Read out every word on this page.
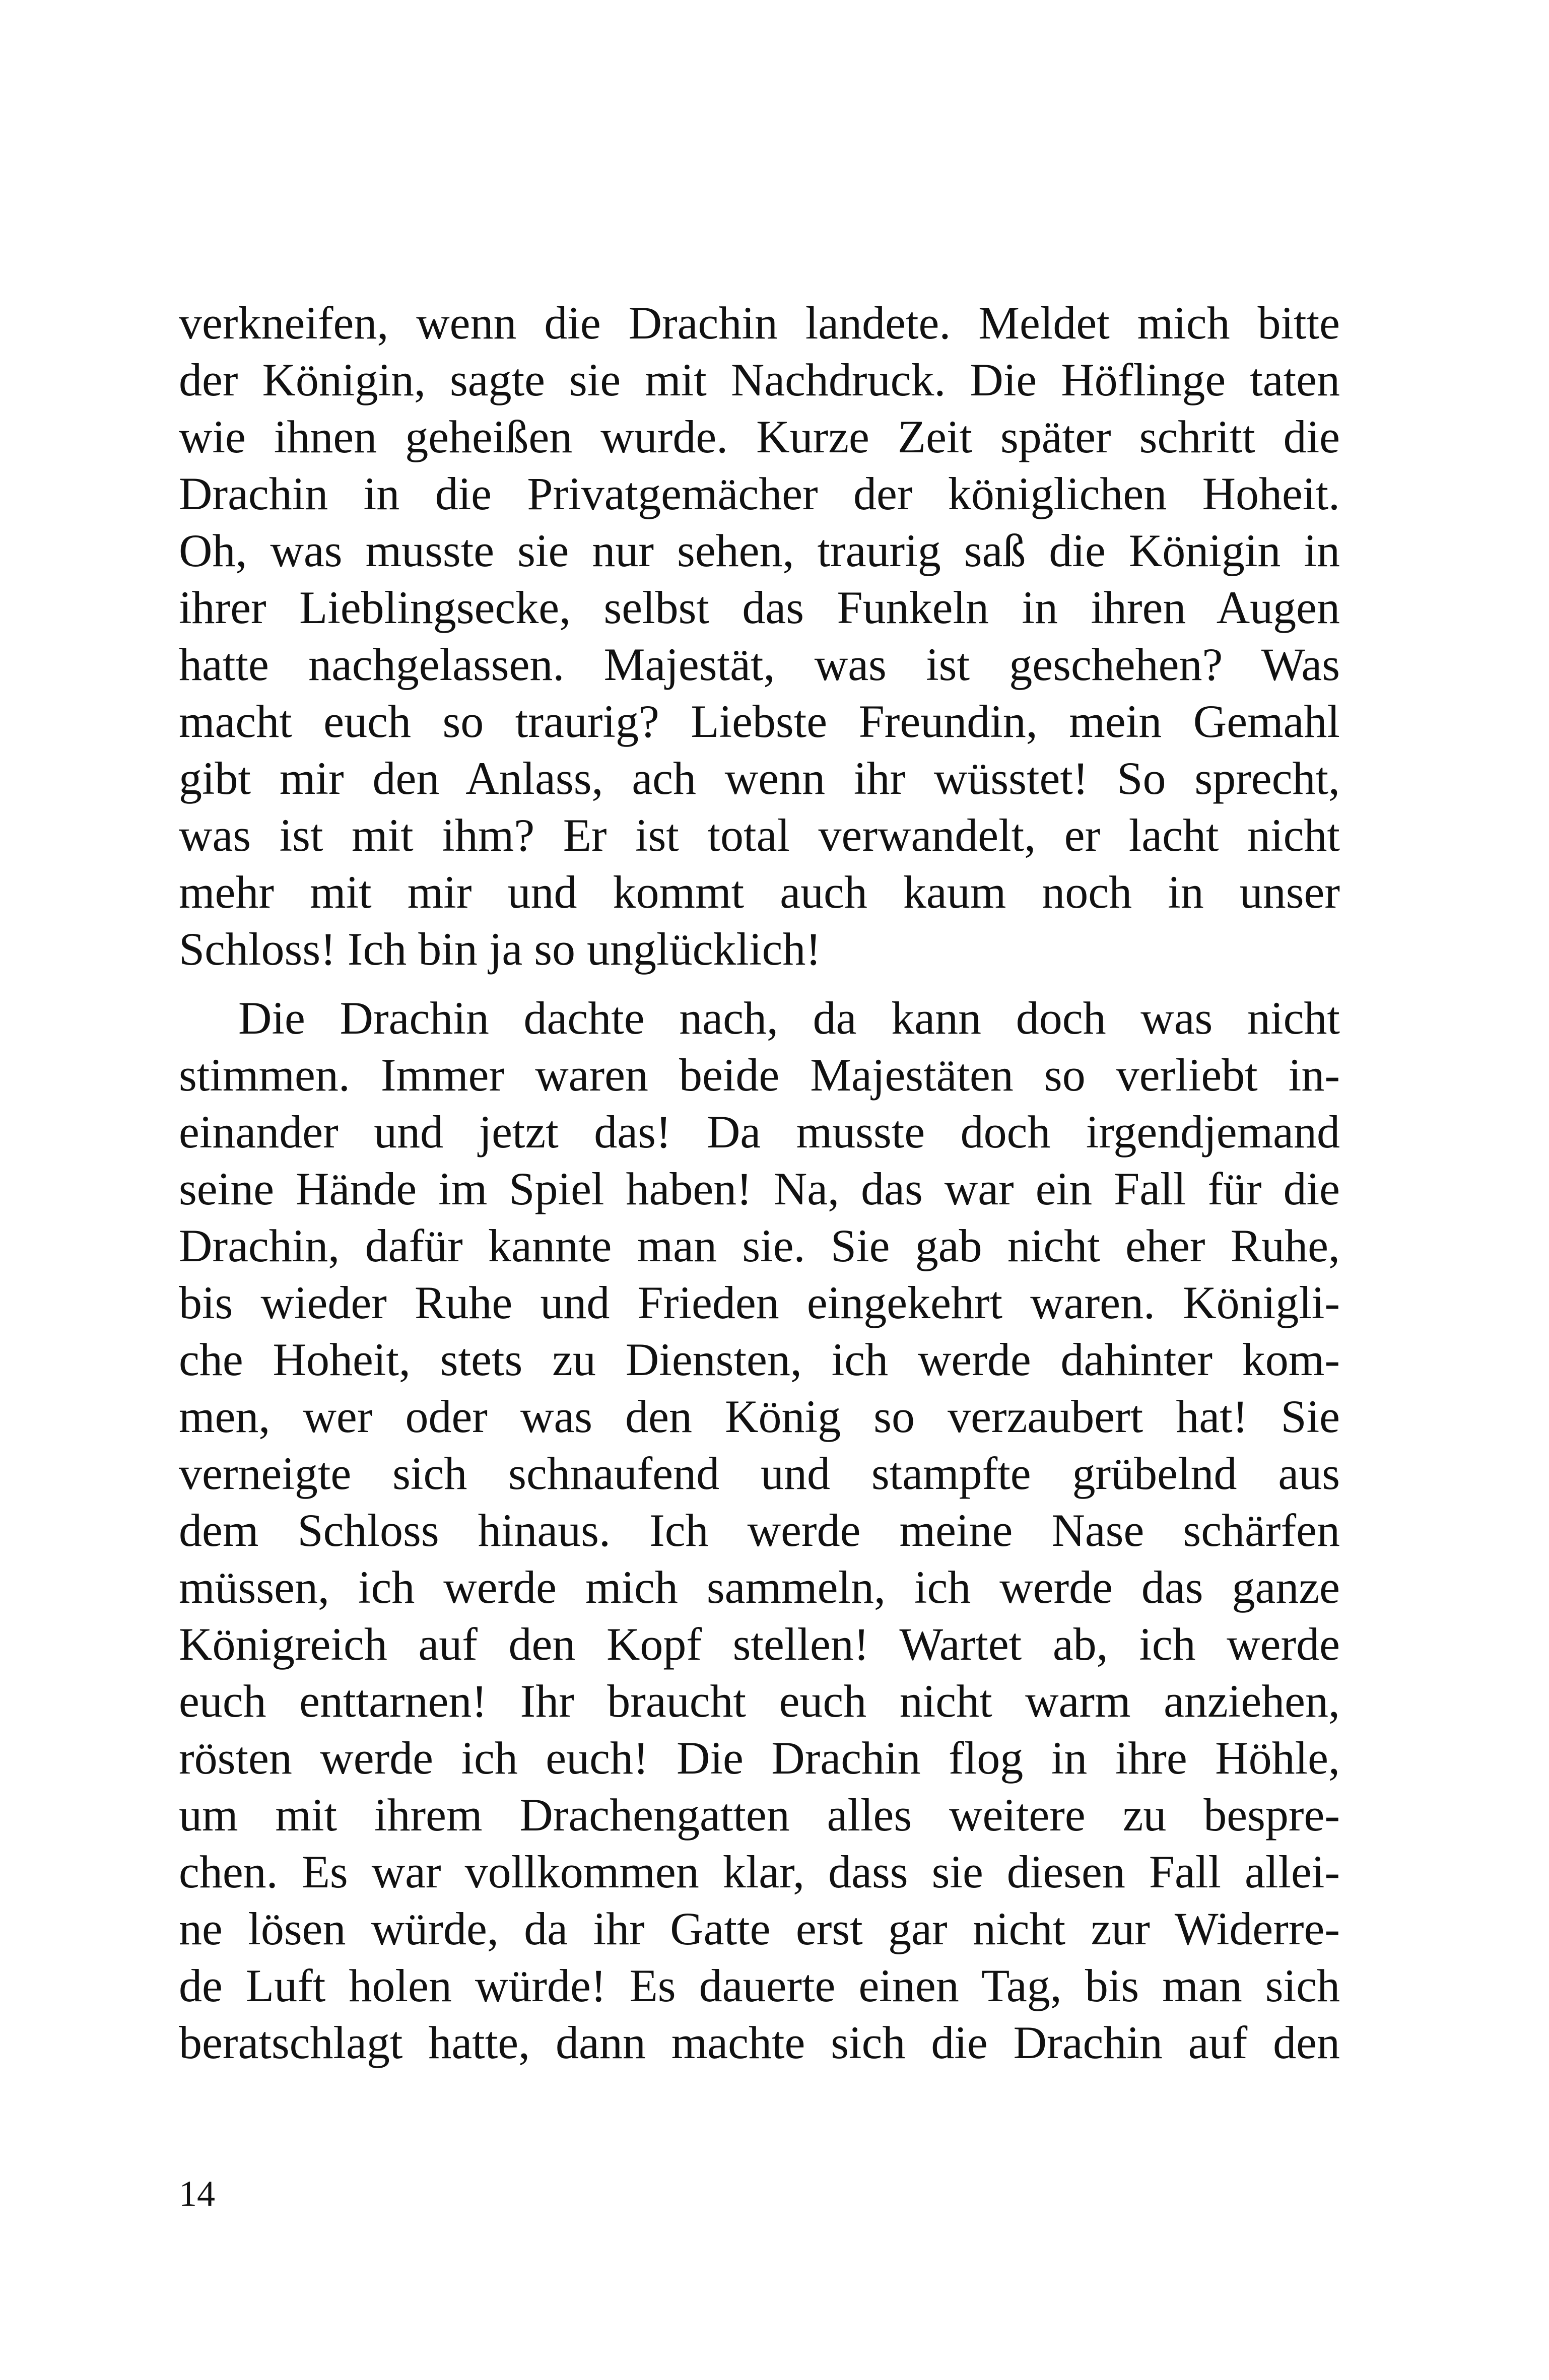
verkneifen, wenn die Drachin landete. Meldet mich bitte
der Königin, sagte sie mit Nachdruck. Die Höflinge taten
wie ihnen geheißen wurde. Kurze Zeit später schritt die
Drachin in die Privatgemächer der königlichen Hoheit.
Oh, was musste sie nur sehen, traurig saß die Königin in
ihrer Lieblingsecke, selbst das Funkeln in ihren Augen
hatte nachgelassen. Majestät, was ist geschehen? Was
macht euch so traurig? Liebste Freundin, mein Gemahl
gibt mir den Anlass, ach wenn ihr wüsstet! So sprecht,
was ist mit ihm? Er ist total verwandelt, er lacht nicht
mehr mit mir und kommt auch kaum noch in unser
Schloss! Ich bin ja so unglücklich!
Die Drachin dachte nach, da kann doch was nicht
stimmen. Immer waren beide Majestäten so verliebt in-
einander und jetzt das! Da musste doch irgendjemand
seine Hände im Spiel haben! Na, das war ein Fall für die
Drachin, dafür kannte man sie. Sie gab nicht eher Ruhe,
bis wieder Ruhe und Frieden eingekehrt waren. Königli-
che Hoheit, stets zu Diensten, ich werde dahinter kom-
men, wer oder was den König so verzaubert hat! Sie
verneigte sich schnaufend und stampfte grübelnd aus
dem Schloss hinaus. Ich werde meine Nase schärfen
müssen, ich werde mich sammeln, ich werde das ganze
Königreich auf den Kopf stellen! Wartet ab, ich werde
euch enttarnen! Ihr braucht euch nicht warm anziehen,
rösten werde ich euch! Die Drachin flog in ihre Höhle,
um mit ihrem Drachengatten alles weitere zu bespre-
chen. Es war vollkommen klar, dass sie diesen Fall allei-
ne lösen würde, da ihr Gatte erst gar nicht zur Widerre-
de Luft holen würde! Es dauerte einen Tag, bis man sich
beratschlagt hatte, dann machte sich die Drachin auf den
14
